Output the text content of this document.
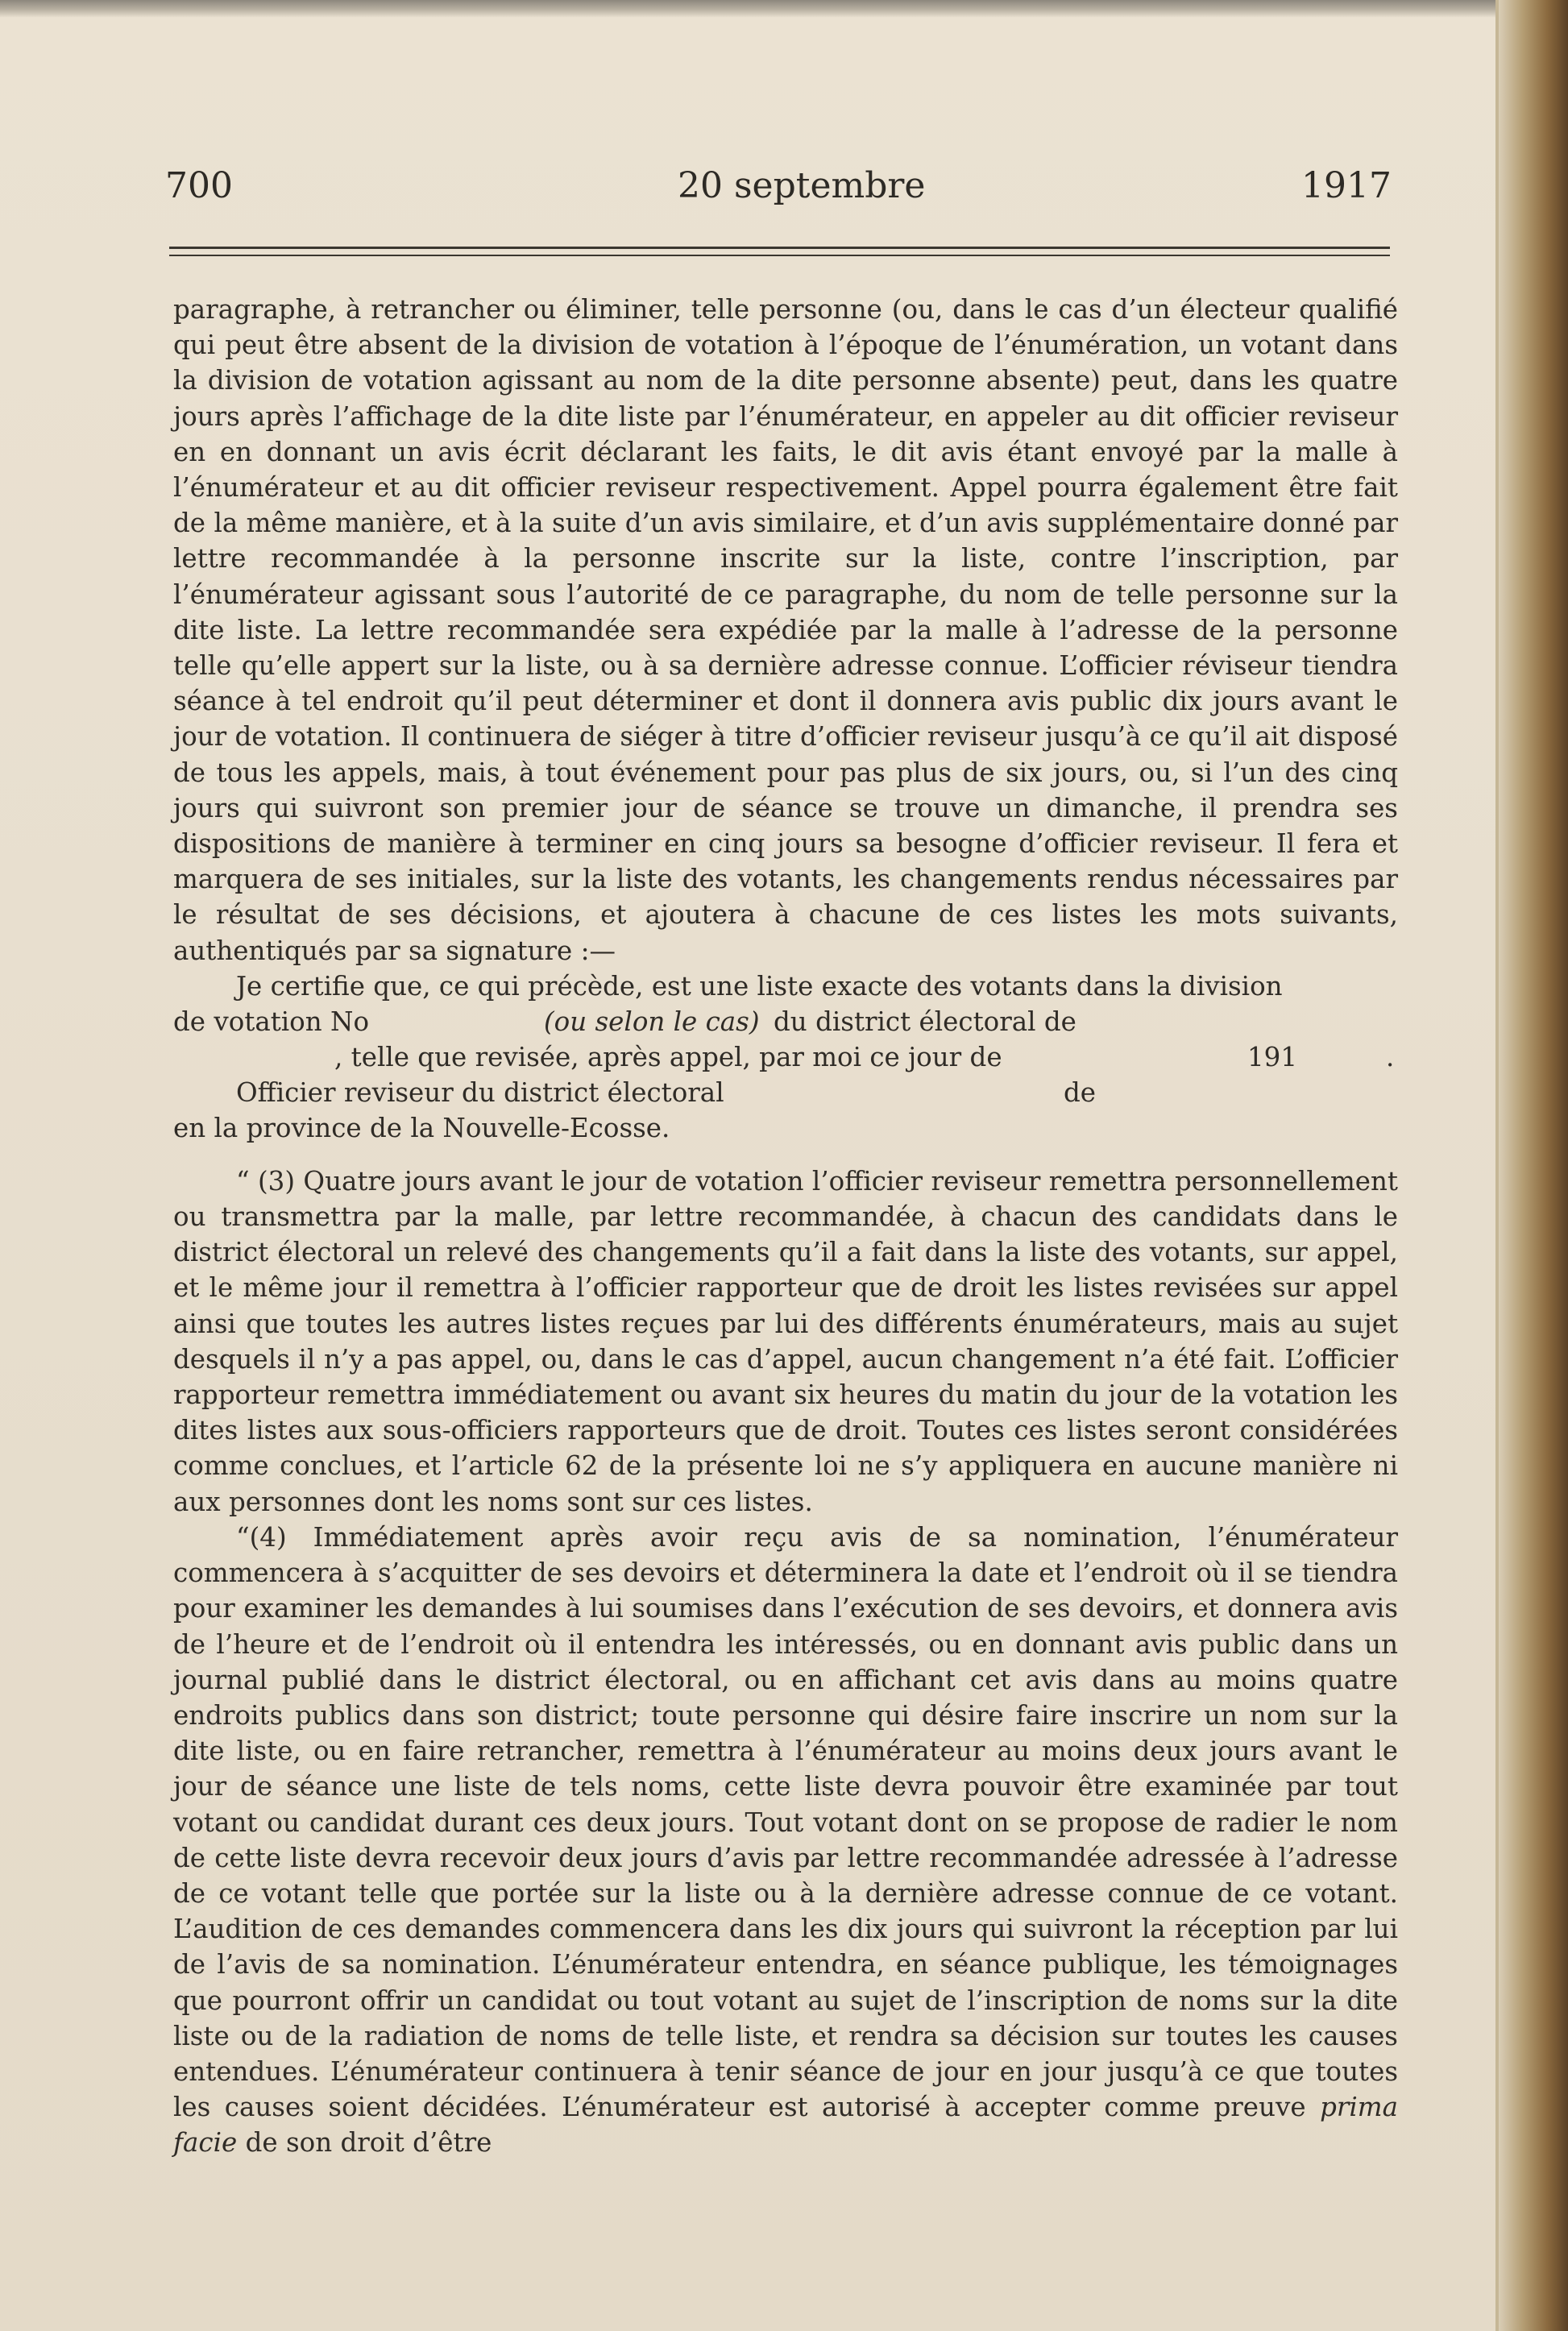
700	20 septembre	1917

paragraphe, à retrancher ou éliminer, telle personne (ou, dans le cas d’un électeur qualifié qui peut être absent de la division de votation à l’époque de l’énumération, un votant dans la division de votation agissant au nom de la dite personne absente) peut, dans les quatre jours après l’affichage de la dite liste par l’énumérateur, en appeler au dit officier reviseur en en donnant un avis écrit déclarant les faits, le dit avis étant envoyé par la malle à l’énumérateur et au dit officier reviseur respectivement. Appel pourra également être fait de la même manière, et à la suite d’un avis similaire, et d’un avis supplémentaire donné par lettre recommandée à la personne inscrite sur la liste, contre l’inscription, par l’énumérateur agissant sous l’autorité de ce paragraphe, du nom de telle personne sur la dite liste. La lettre recommandée sera expédiée par la malle à l’adresse de la personne telle qu’elle appert sur la liste, ou à sa dernière adresse connue. L’officier réviseur tiendra séance à tel endroit qu’il peut déterminer et dont il donnera avis public dix jours avant le jour de votation. Il continuera de siéger à titre d’officier reviseur jusqu’à ce qu’il ait disposé de tous les appels, mais, à tout événement pour pas plus de six jours, ou, si l’un des cinq jours qui suivront son premier jour de séance se trouve un dimanche, il prendra ses dispositions de manière à terminer en cinq jours sa besogne d’officier reviseur. Il fera et marquera de ses initiales, sur la liste des votants, les changements rendus nécessaires par le résultat de ses décisions, et ajoutera à chacune de ces listes les mots suivants, authentiqués par sa signature :—

Je certifie que, ce qui précède, est une liste exacte des votants dans la division
de votation No	(ou selon le cas) du district électoral de
, telle que revisée, après appel, par moi ce jour de	191	.
Officier reviseur du district électoral	de
en la province de la Nouvelle-Ecosse.

“ (3) Quatre jours avant le jour de votation l’officier reviseur remettra personnellement ou transmettra par la malle, par lettre recommandée, à chacun des candidats dans le district électoral un relevé des changements qu’il a fait dans la liste des votants, sur appel, et le même jour il remettra à l’officier rapporteur que de droit les listes revisées sur appel ainsi que toutes les autres listes reçues par lui des différents énumérateurs, mais au sujet desquels il n’y a pas appel, ou, dans le cas d’appel, aucun changement n’a été fait. L’officier rapporteur remettra immédiatement ou avant six heures du matin du jour de la votation les dites listes aux sous-officiers rapporteurs que de droit. Toutes ces listes seront considérées comme conclues, et l’article 62 de la présente loi ne s’y appliquera en aucune manière ni aux personnes dont les noms sont sur ces listes.

“(4) Immédiatement après avoir reçu avis de sa nomination, l’énumérateur commencera à s’acquitter de ses devoirs et déterminera la date et l’endroit où il se tiendra pour examiner les demandes à lui soumises dans l’exécution de ses devoirs, et donnera avis de l’heure et de l’endroit où il entendra les intéressés, ou en donnant avis public dans un journal publié dans le district électoral, ou en affichant cet avis dans au moins quatre endroits publics dans son district; toute personne qui désire faire inscrire un nom sur la dite liste, ou en faire retrancher, remettra à l’énumérateur au moins deux jours avant le jour de séance une liste de tels noms, cette liste devra pouvoir être examinée par tout votant ou candidat durant ces deux jours. Tout votant dont on se propose de radier le nom de cette liste devra recevoir deux jours d’avis par lettre recommandée adressée à l’adresse de ce votant telle que portée sur la liste ou à la dernière adresse connue de ce votant. L’audition de ces demandes commencera dans les dix jours qui suivront la réception par lui de l’avis de sa nomination. L’énumérateur entendra, en séance publique, les témoignages que pourront offrir un candidat ou tout votant au sujet de l’inscription de noms sur la dite liste ou de la radiation de noms de telle liste, et rendra sa décision sur toutes les causes entendues. L’énumérateur continuera à tenir séance de jour en jour jusqu’à ce que toutes les causes soient décidées. L’énumérateur est autorisé à accepter comme preuve prima facie de son droit d’être
